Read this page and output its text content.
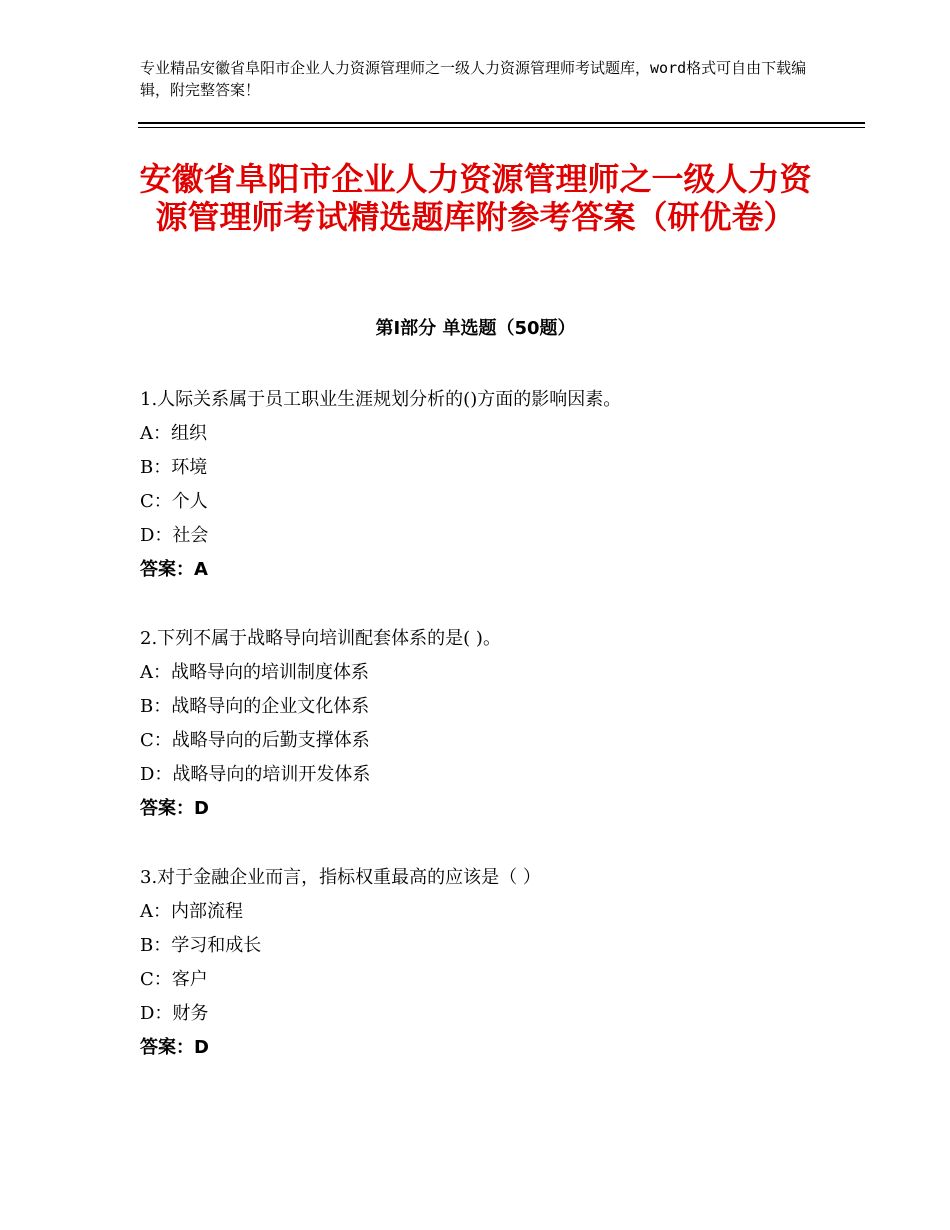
专业精品安徽省阜阳市企业人力资源管理师之一级人力资源管理师考试题库，word格式可自由下载编辑，附完整答案！
安徽省阜阳市企业人力资源管理师之一级人力资源管理师考试精选题库附参考答案（研优卷）
第Ⅰ部分 单选题（50题）
1.人际关系属于员工职业生涯规划分析的()方面的影响因素。
A：组织
B：环境
C：个人
D：社会
答案：A
2.下列不属于战略导向培训配套体系的是( )。
A：战略导向的培训制度体系
B：战略导向的企业文化体系
C：战略导向的后勤支撑体系
D：战略导向的培训开发体系
答案：D
3.对于金融企业而言，指标权重最高的应该是（ ）
A：内部流程
B：学习和成长
C：客户
D：财务
答案：D
